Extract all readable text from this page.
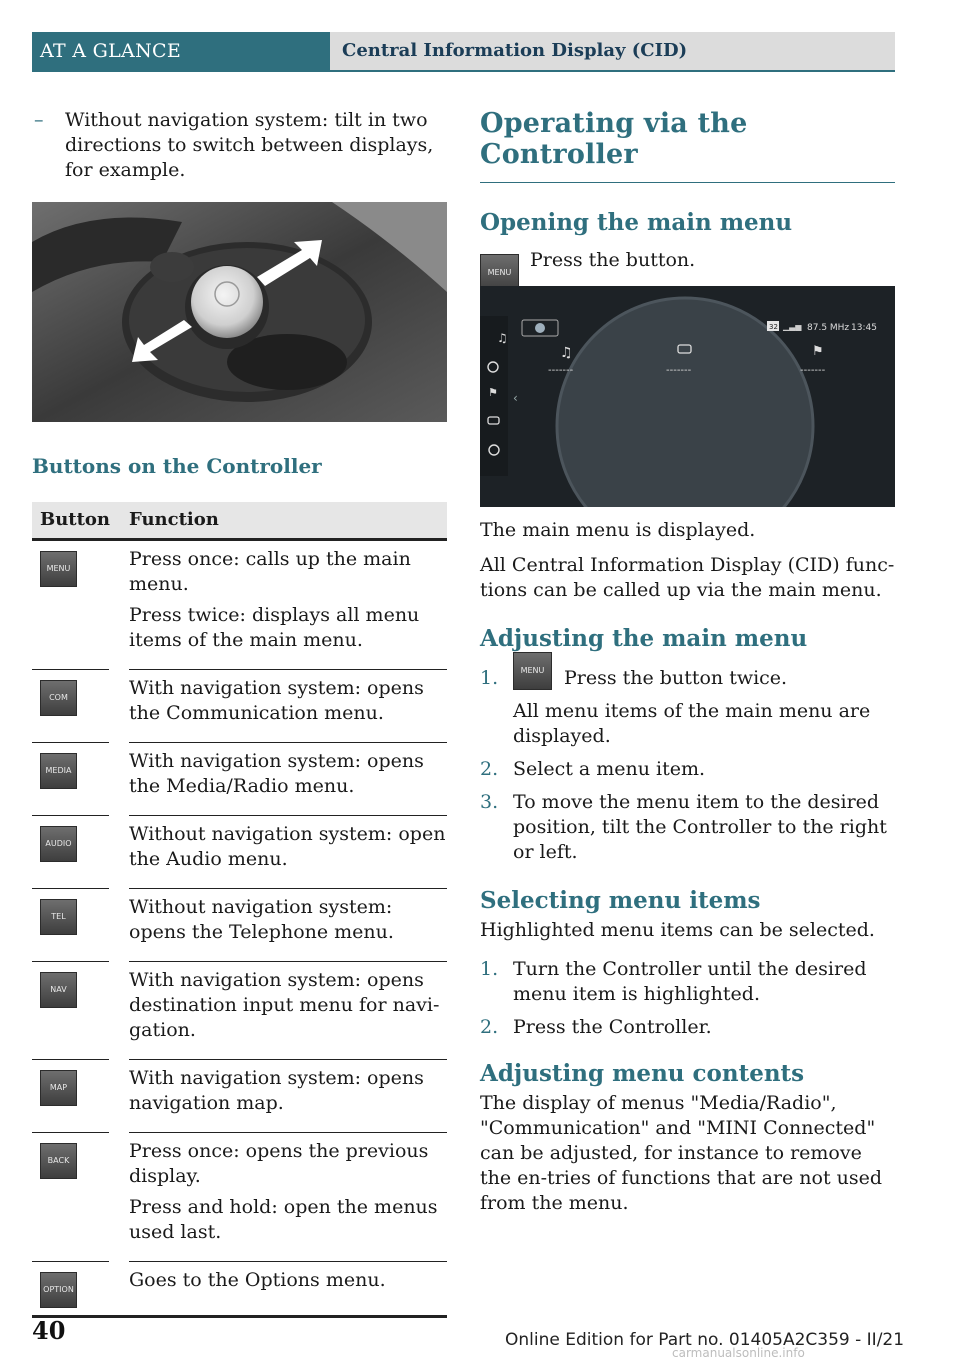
AT A GLANCE	Central Information Display (CID)
– Without navigation system: tilt in two directions to switch between displays, for example.
Buttons on the Controller
Button	Function
MENU	Press once: calls up the main menu.

Press twice: displays all menu items of the main menu.

COM	With navigation system: opens the Communication menu.

MEDIA	With navigation system: opens the Media/Radio menu.

AUDIO	Without navigation system: open the Audio menu.

TEL	Without navigation system: opens the Telephone menu.

NAV	With navigation system: opens destination input menu for navi‐gation.

MAP	With navigation system: opens navigation map.

BACK	Press once: opens the previous display.

Press and hold: open the menus used last.

OPTION	Goes to the Options menu.

Operating via the Controller
Opening the main menu
MENU
Press the button.
♫
⚑ ‹
♫	⚑
-------	-------	-------
32 ▁▃▅ 87.5 MHz 13:45

The main menu is displayed.

All Central Information Display (CID) func‐tions can be called up via the main menu.

Adjusting the main menu
1.	MENU	Press the button twice.
All menu items of the main menu are displayed.
2. Select a menu item.
3. To move the menu item to the desired position, tilt the Controller to the right or left.
Selecting menu items

Highlighted menu items can be selected.

1. Turn the Controller until the desired menu item is highlighted.
2. Press the Controller.
Adjusting menu contents

The display of menus "Media/Radio", "Communication" and "MINI Connected" can be adjusted, for instance to remove the en‐tries of functions that are not used from the menu.

40	Online Edition for Part no. 01405A2C359 - II/21
carmanualsonline.info
